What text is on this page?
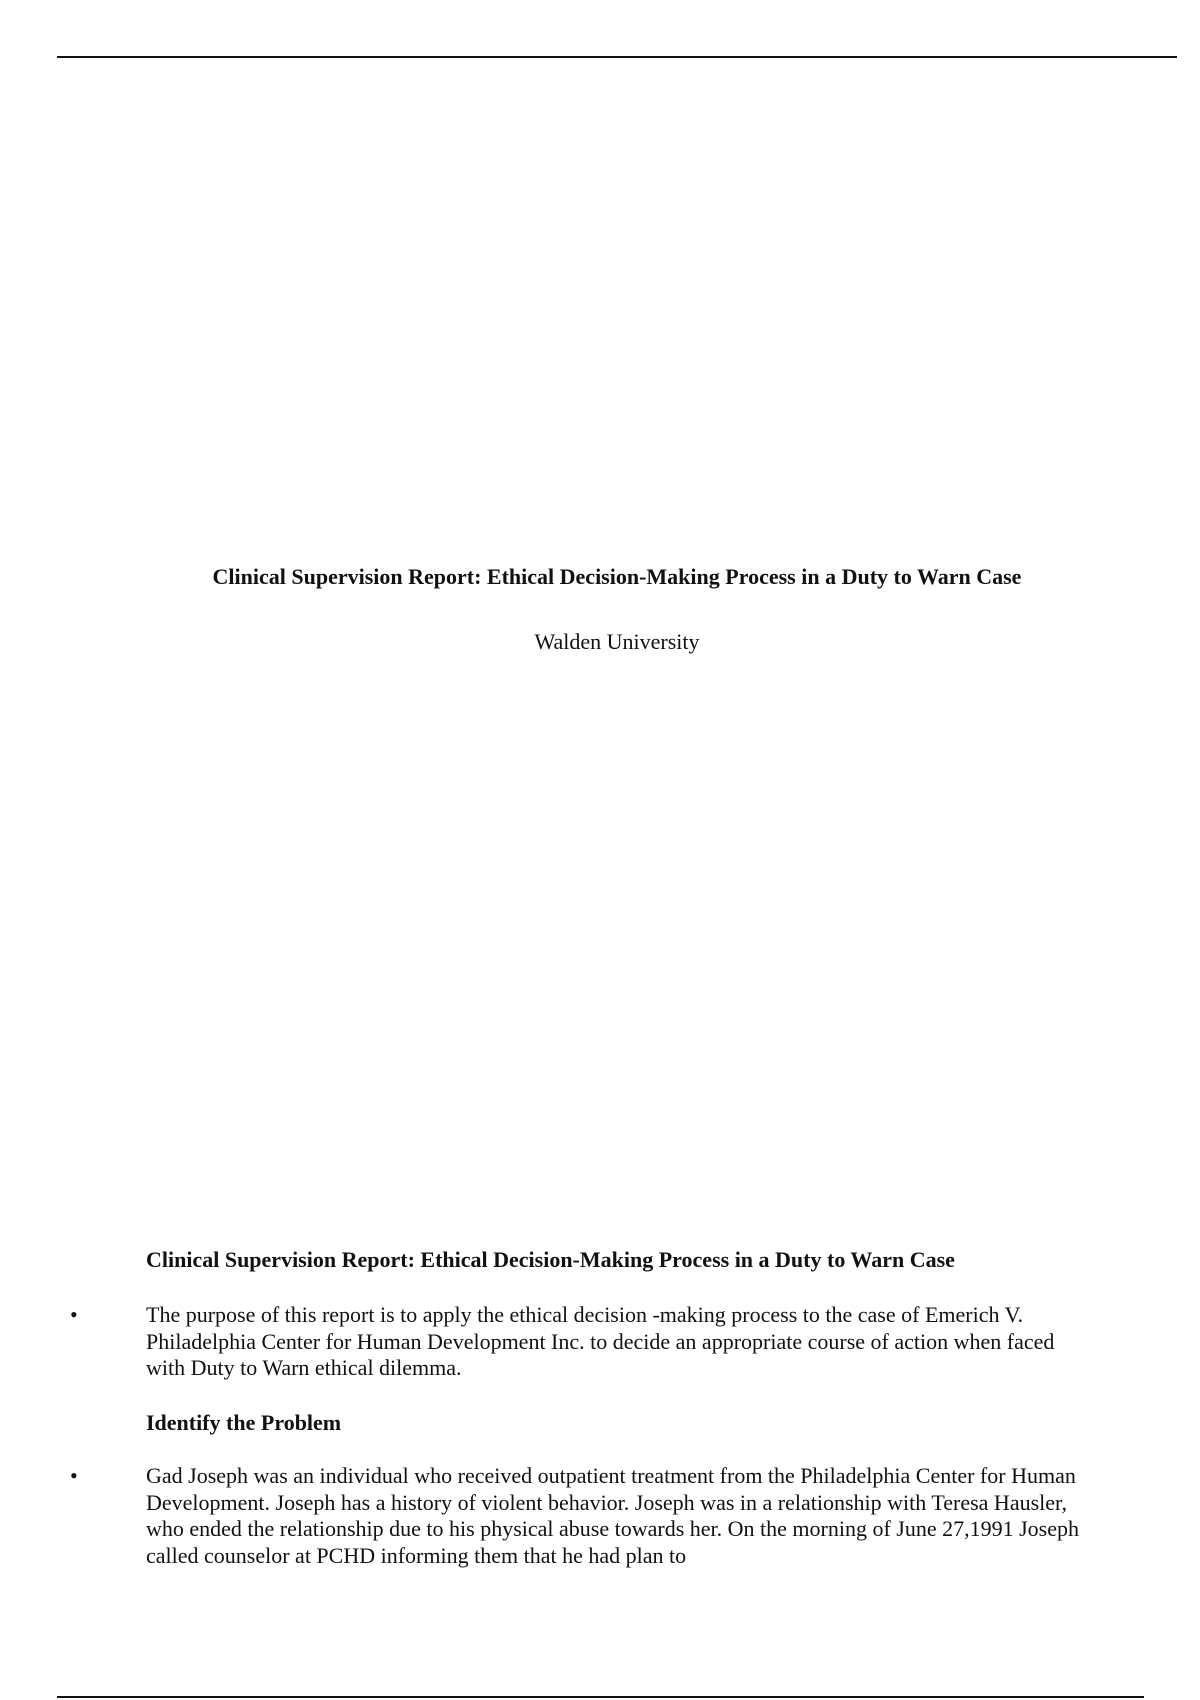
Clinical Supervision Report: Ethical Decision-Making Process in a Duty to Warn Case
Walden University
Clinical Supervision Report: Ethical Decision-Making Process in a Duty to Warn Case
•	The purpose of this report is to apply the ethical decision -making process to the case of Emerich V. Philadelphia Center for Human Development Inc. to decide an appropriate course of action when faced with Duty to Warn ethical dilemma.
Identify the Problem
•	Gad Joseph was an individual who received outpatient treatment from the Philadelphia Center for Human Development. Joseph has a history of violent behavior. Joseph was in a relationship with Teresa Hausler, who ended the relationship due to his physical abuse towards her. On the morning of June 27,1991 Joseph called counselor at PCHD informing them that he had plan to
